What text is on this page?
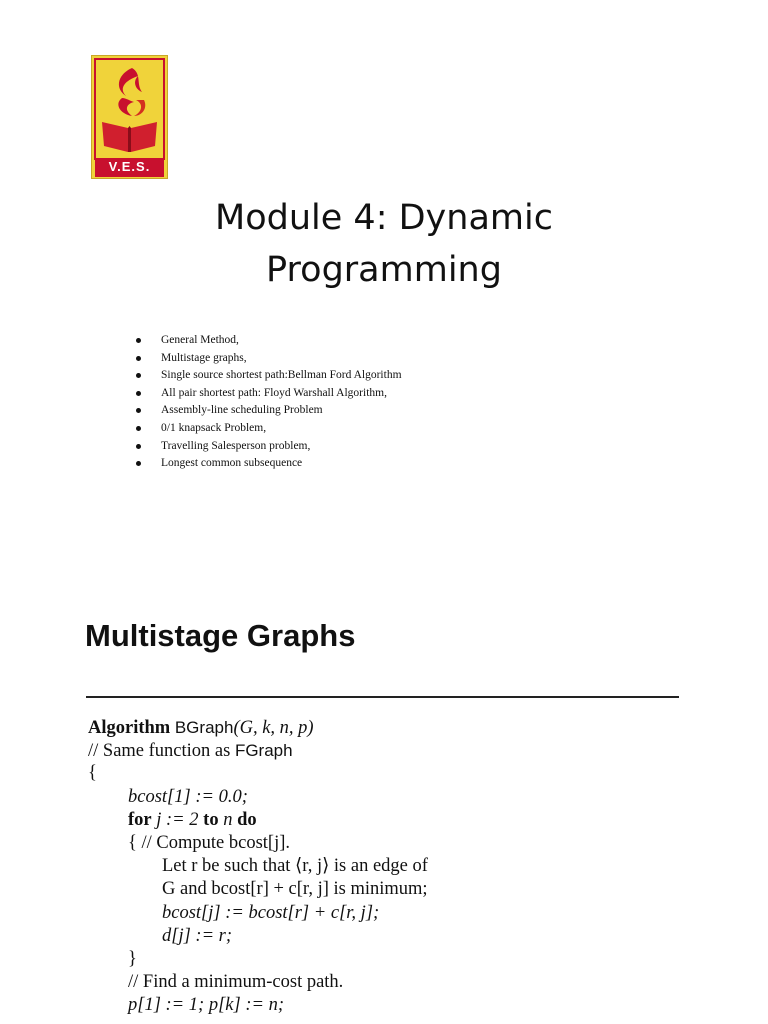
V.E.S.
Module 4: Dynamic
Programming
General Method,
Multistage graphs,
Single source shortest path:Bellman Ford Algorithm
All pair shortest path: Floyd Warshall Algorithm,
Assembly-line scheduling Problem
0/1 knapsack Problem,
Travelling Salesperson problem,
Longest common subsequence
Multistage Graphs
Algorithm BGraph(G, k, n, p)
// Same function as FGraph
{
bcost[1] := 0.0;
for j := 2 to n do
{ // Compute bcost[j].
Let r be such that ⟨r, j⟩ is an edge of
G and bcost[r] + c[r, j] is minimum;
bcost[j] := bcost[r] + c[r, j];
d[j] := r;
}
// Find a minimum-cost path.
p[1] := 1; p[k] := n;
